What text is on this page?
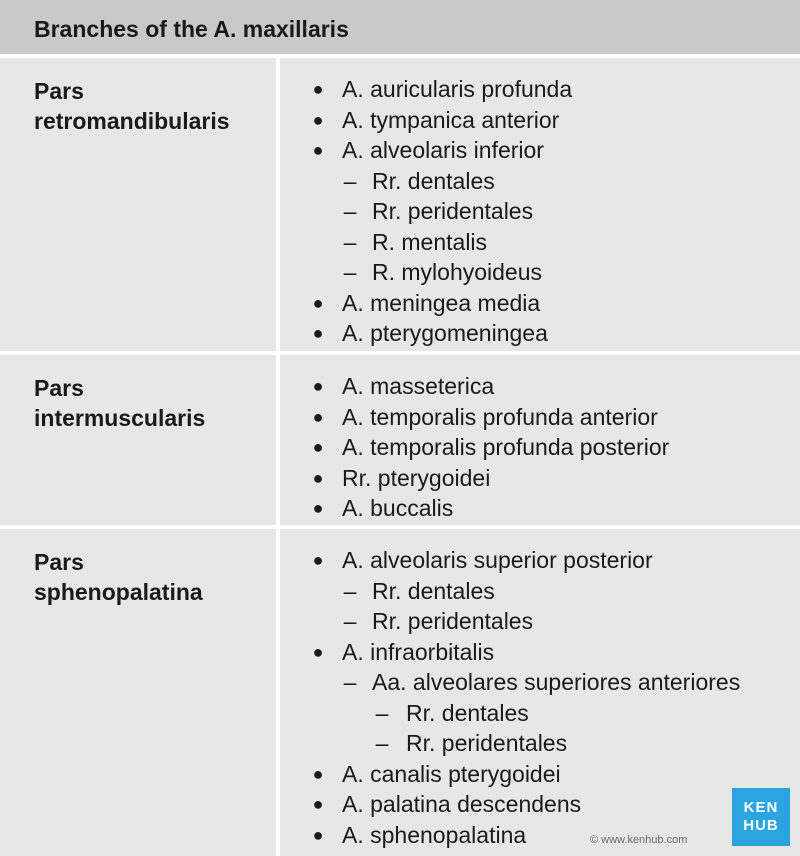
Branches of the A. maxillaris
Pars
retromandibularis
● A. auricularis profunda
● A. tympanica anterior
● A. alveolaris inferior
– Rr. dentales
– Rr. peridentales
– R. mentalis
– R. mylohyoideus
● A. meningea media
● A. pterygomeningea
Pars
intermuscularis
● A. masseterica
● A. temporalis profunda anterior
● A. temporalis profunda posterior
● Rr. pterygoidei
● A. buccalis
Pars
sphenopalatina
● A. alveolaris superior posterior
– Rr. dentales
– Rr. peridentales
● A. infraorbitalis
– Aa. alveolares superiores anteriores
– Rr. dentales
– Rr. peridentales
● A. canalis pterygoidei
● A. palatina descendens
● A. sphenopalatina
KEN
HUB
© www.kenhub.com
